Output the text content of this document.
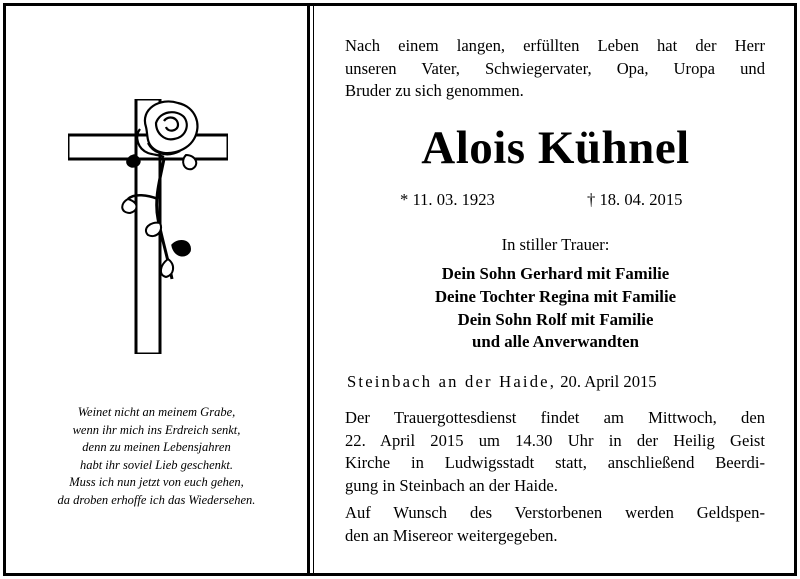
Weinet nicht an meinem Grabe,
wenn ihr mich ins Erdreich senkt,
denn zu meinen Lebensjahren
habt ihr soviel Lieb geschenkt.
Muss ich nun jetzt von euch gehen,
da droben erhoffe ich das Wiedersehen.
Nach einem langen, erfüllten Leben hat der Herr
unseren Vater, Schwiegervater, Opa, Uropa und
Bruder zu sich genommen.
Alois Kühnel
* 11. 03. 1923	† 18. 04. 2015
In stiller Trauer:
Dein Sohn Gerhard mit Familie
Deine Tochter Regina mit Familie
Dein Sohn Rolf mit Familie
und alle Anverwandten
Steinbach an der Haide, 20. April 2015
Der Trauergottesdienst findet am Mittwoch, den
22. April 2015 um 14.30 Uhr in der Heilig Geist
Kirche in Ludwigsstadt statt, anschließend Beerdi-
gung in Steinbach an der Haide.
Auf Wunsch des Verstorbenen werden Geldspen-
den an Misereor weitergegeben.
